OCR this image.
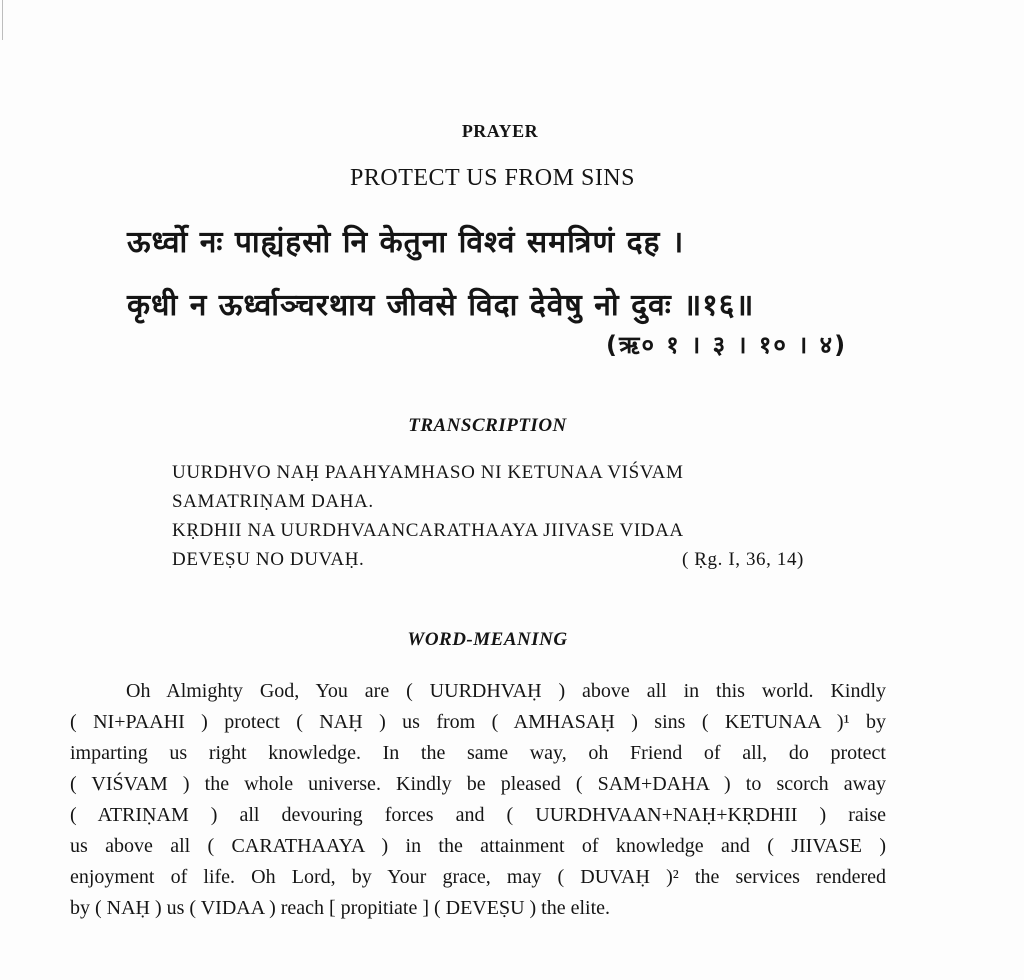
PRAYER
PROTECT US FROM SINS
ऊर्ध्वो नः पाह्यंहसो नि केतुना विश्वं समत्रिणं दह ।
कृधी न ऊर्ध्वाञ्चरथाय जीवसे विदा देवेषु नो दुवः ॥१६॥
(ऋ० १ । ३ । १० । ४)
TRANSCRIPTION
UURDHVO NAḤ PAAHYAMHASO NI KETUNAA VIŚVAM
SAMATRIṆAM DAHA.
KṚDHII NA UURDHVAANCARATHAAYA JIIVASE VIDAA
DEVEṢU NO DUVAḤ.	( Ṛg. I, 36, 14)
WORD-MEANING
Oh Almighty God, You are ( UURDHVAḤ ) above all in this world. Kindly
( NI+PAAHI ) protect ( NAḤ ) us from ( AMHASAḤ ) sins ( KETUNAA )¹ by
imparting us right knowledge. In the same way, oh Friend of all, do protect
( VIŚVAM ) the whole universe. Kindly be pleased ( SAM+DAHA ) to scorch away
( ATRIṆAM ) all devouring forces and ( UURDHVAAN+NAḤ+KṚDHII ) raise
us above all ( CARATHAAYA ) in the attainment of knowledge and ( JIIVASE )
enjoyment of life. Oh Lord, by Your grace, may ( DUVAḤ )² the services rendered
by ( NAḤ ) us ( VIDAA ) reach [ propitiate ] ( DEVEṢU ) the elite.
